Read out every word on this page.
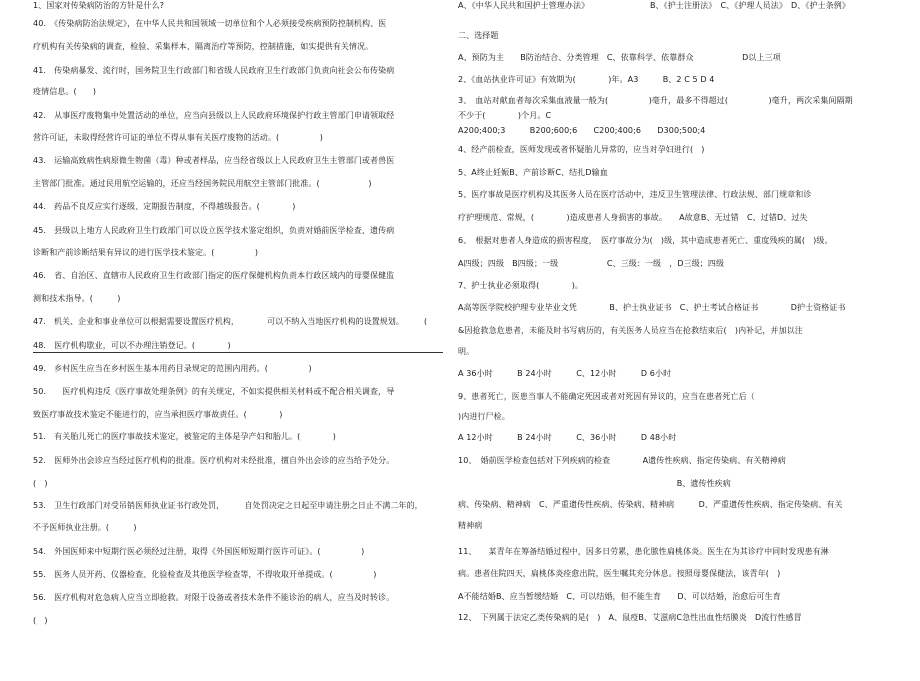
1、国家对传染病防治的方针是什么?
40.　《传染病防治法规定》，在中华人民共和国领域一切单位和个人必须接受疾病预防控制机构、医
疗机构有关传染病的调查，检验、采集样本、隔离治疗等预防，控制措施，如实提供有关情况。
41.　传染病暴发、流行时，国务院卫生行政部门和省级人民政府卫生行政部门负责向社会公布传染病
疫情信息。(　　)
42.　从事医疗废物集中处置活动的单位，应当向县级以上人民政府环境保护行政主管部门申请领取经
营许可证，未取得经营许可证的单位不得从事有关医疗废物的活动。(　　　　　)
43.　运输高致病性病原微生物菌（毒）种或者样品，应当经省级以上人民政府卫生主管部门或者兽医
主管部门批准。通过民用航空运输的，还应当经国务院民用航空主管部门批准。(　　　　　　)
44.　药品不良反应实行逐级、定期报告制度，不得越级报告。(　　　　)
45.　县级以上地方人民政府卫生行政部门可以设立医学技术鉴定组织，负责对婚前医学检查、遗传病
诊断和产前诊断结果有异议的进行医学技术鉴定。(　　　　　)
46.　省、自治区、直辖市人民政府卫生行政部门指定的医疗保健机构负责本行政区域内的母婴保健监
测和技术指导。(　　　)
47.　机关、企业和事业单位可以根据需要设置医疗机构，　　　　可以不纳入当地医疗机构的设置规划。　　　(　　
48.　医疗机构歇业，可以不办理注销登记。(　　　　)
49.　乡村医生应当在乡村医生基本用药目录规定的范围内用药。(　　　　　)
50.　　医疗机构违反《医疗事故处理条例》的有关规定，不如实提供相关材料或不配合相关调查，导
致医疗事故技术鉴定不能进行的，应当承担医疗事故责任。(　　　　)
51.　有关胎儿死亡的医疗事故技术鉴定，被鉴定的主体是孕产妇和胎儿。(　　　　)
52.　医师外出会诊应当经过医疗机构的批准。医疗机构对未经批准，擅自外出会诊的应当给予处分。
(　)
53.　卫生行政部门对受吊销医师执业证书行政处罚，　　　自处罚决定之日起至申请注册之日止不满二年的，
不予医师执业注册。(　　　)
54.　外国医师来中短期行医必须经过注册，取得《外国医师短期行医许可证》。(　　　　　)
55.　医务人员开药、仪器检查、化验检查及其他医学检查等，不得收取开单提成。(　　　　　)
56.　医疗机构对危急病人应当立即抢救。对限于设备或者技术条件不能诊治的病人，应当及时转诊。
(　)
A、《中华人民共和国护士管理办法》　　　　　　　　B、《护士注册法》　C、《护理人员法》　D、《护士条例》
二、选择题
A、预防为主　　B防治结合、分类管理　C、依靠科学、依靠群众　　　　　　D以上三项
2、《血站执业许可证》有效期为(　　　　)年。A3　　　B、2 C 5 D 4
3、　血站对献血者每次采集血液量一般为(　　　　　)毫升，最多不得超过(　　　　　)毫升，两次采集间隔期
不少于(　　　　)个月。C
A200;400;3　　　B200;600;6　　C200;400;6　　D300;500;4
4、经产前检查，医师发现或者怀疑胎儿异常的，应当对孕妇进行(　)
5、A终止妊娠B、产前诊断C、结扎D输血
5、医疗事故是医疗机构及其医务人员在医疗活动中，违反卫生管理法律、行政法规、部门规章和诊
疗护理规范、常规，(　　　　)造成患者人身损害的事故。　　A故意B、无过错　C、过错D、过失
6、　根据对患者人身造成的损害程度，　医疗事故分为(　)级，其中造成患者死亡、重度残疾的属(　)级。
A四级；四级　B四级；一级　　　　　　C、三级：一级　，D三级；四级
7、护士执业必须取得(　　　　)。
A高等医学院校护理专业毕业文凭　　　　B、护士执业证书　C、护士考试合格证书　　　　D护士资格证书
&因抢救急危患者，未能及时书写病历的，有关医务人员应当在抢救结束后(　)内补记，并加以注
明。
A 36小时　　　B 24小时　　　C、12小时　　　D 6小时
9、患者死亡，医患当事人不能确定死因或者对死因有异议的，应当在患者死亡后（
)内进行尸检。
A 12小时　　　B 24小时　　　C、36小时　　　D 48小时
10、　婚前医学检查包括对下列疾病的检查　　　　A遗传性疾病、指定传染病、有关精神病
　　　　　　　　　　　　　　　　　　　　　　　　　　　B、遗传性疾病
病、传染病、精神病　C、严重遗传性疾病、传染病、精神病　　　D、严重遗传性疾病、指定传染病、有关
精神病
11、　　某青年在筹备结婚过程中，因多日劳累，患化脓性扁桃体炎。医生在为其诊疗中同时发现患有淋
病。患者住院四天，扁桃体炎痊愈出院，医生嘱其充分休息。按照母婴保健法，该青年(　)
A不能结婚B、应当暂缓结婚　C、可以结婚，但不能生育　　D、可以结婚，治愈后可生育
12、　下列属于法定乙类传染病的是(　)　A、鼠疫B、艾滋病C急性出血性结膜炎　D流行性感冒
